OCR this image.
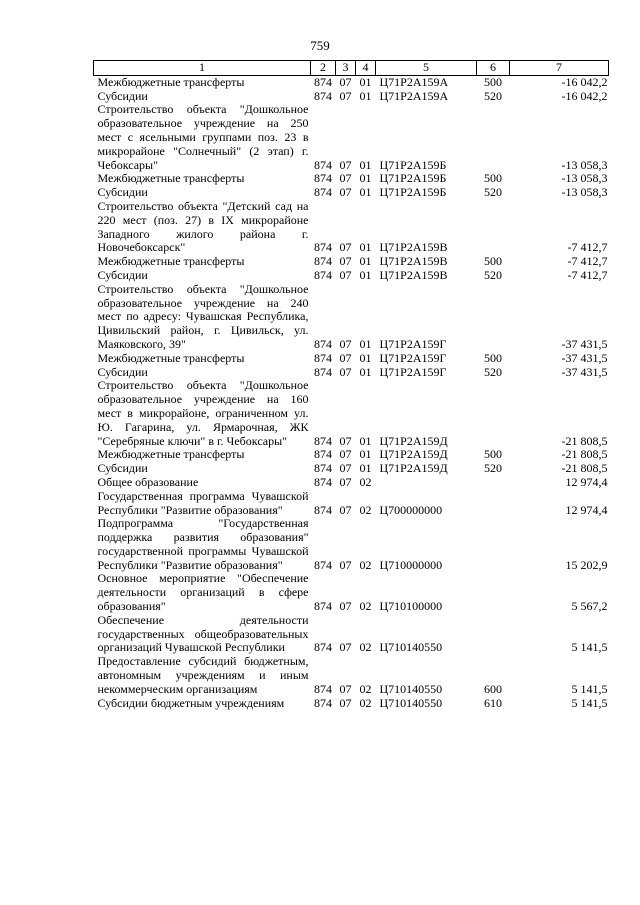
759
1	2	3	4	5	6	7
Межбюджетные трансферты	874	07	01	Ц71Р2А159А	500	-16 042,2
Субсидии	874	07	01	Ц71Р2А159А	520	-16 042,2
Строительство объекта "Дошкольное образовательное учреждение на 250 мест с ясельными группами поз. 23 в микрорайоне "Солнечный" (2 этап) г. Чебоксары"	874	07	01	Ц71Р2А159Б		-13 058,3
Межбюджетные трансферты	874	07	01	Ц71Р2А159Б	500	-13 058,3
Субсидии	874	07	01	Ц71Р2А159Б	520	-13 058,3
Строительство объекта "Детский сад на 220 мест (поз. 27) в IX микрорайоне Западного жилого района г. Новочебоксарск"	874	07	01	Ц71Р2А159В		-7 412,7
Межбюджетные трансферты	874	07	01	Ц71Р2А159В	500	-7 412,7
Субсидии	874	07	01	Ц71Р2А159В	520	-7 412,7
Строительство объекта "Дошкольное образовательное учреждение на 240 мест по адресу: Чувашская Республика, Цивильский район, г. Цивильск, ул. Маяковского, 39"	874	07	01	Ц71Р2А159Г		-37 431,5
Межбюджетные трансферты	874	07	01	Ц71Р2А159Г	500	-37 431,5
Субсидии	874	07	01	Ц71Р2А159Г	520	-37 431,5
Строительство объекта "Дошкольное образовательное учреждение на 160 мест в микрорайоне, ограниченном ул. Ю. Гагарина, ул. Ярмарочная, ЖК "Серебряные ключи" в г. Чебоксары"	874	07	01	Ц71Р2А159Д		-21 808,5
Межбюджетные трансферты	874	07	01	Ц71Р2А159Д	500	-21 808,5
Субсидии	874	07	01	Ц71Р2А159Д	520	-21 808,5
Общее образование	874	07	02			12 974,4
Государственная программа Чувашской Республики "Развитие образования"	874	07	02	Ц700000000		12 974,4
Подпрограмма "Государственная поддержка развития образования" государственной программы Чувашской Республики "Развитие образования"	874	07	02	Ц710000000		15 202,9
Основное мероприятие "Обеспечение деятельности организаций в сфере образования"	874	07	02	Ц710100000		5 567,2
Обеспечение деятельности государственных общеобразовательных организаций Чувашской Республики	874	07	02	Ц710140550		5 141,5
Предоставление субсидий бюджетным, автономным учреждениям и иным некоммерческим организациям	874	07	02	Ц710140550	600	5 141,5
Субсидии бюджетным учреждениям	874	07	02	Ц710140550	610	5 141,5
